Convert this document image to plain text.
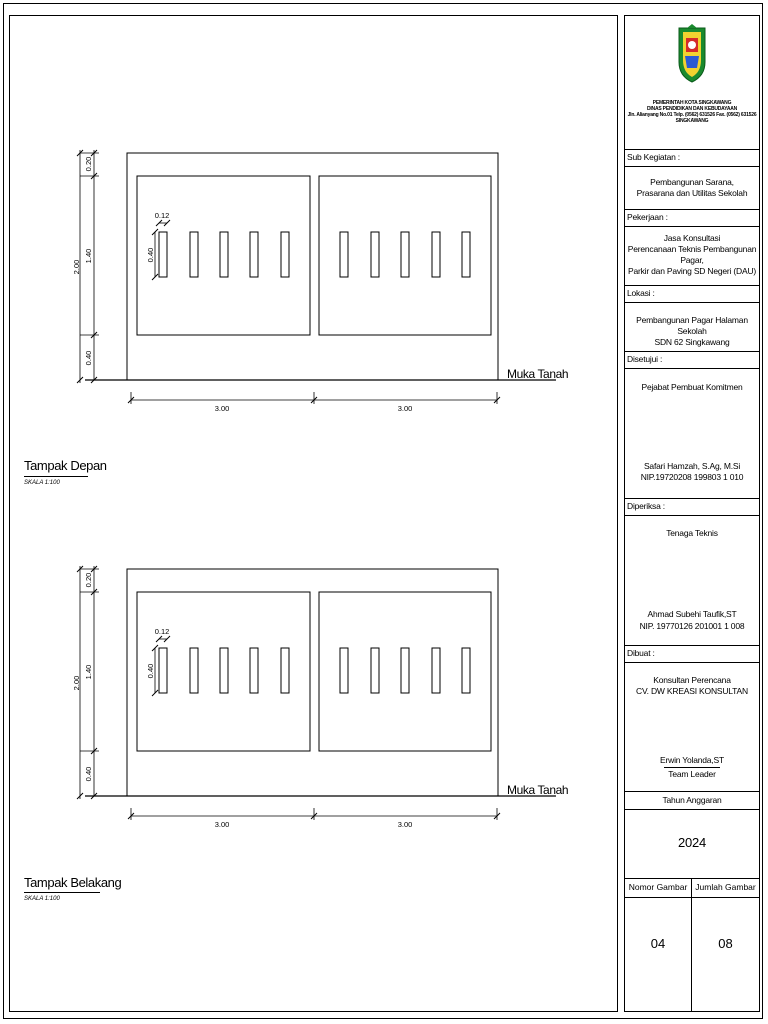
Muka Tanah
2.00
0.20
1.40
0.40
0.12
0.40
3.00	3.00
Muka Tanah
2.00
0.20
1.40
0.40
0.12
0.40
3.00	3.00
Tampak Depan
SKALA 1:100
Tampak Belakang
SKALA 1:100
PEMERINTAH KOTA SINGKAWANG
DINAS PENDIDIKAN DAN KEBUDAYAAN
Jln. Alianyang No.01 Telp. (0562) 631526 Fax. (0562) 631526
SINGKAWANG
Sub Kegiatan :
Pembangunan Sarana,
Prasarana dan Utilitas Sekolah
Pekerjaan :
Jasa Konsultasi
Perencanaan Teknis Pembangunan Pagar,
Parkir dan Paving SD Negeri (DAU)
Lokasi :
Pembangunan Pagar Halaman Sekolah
SDN 62 Singkawang
Disetujui :
Pejabat Pembuat Komitmen
Safari Hamzah, S.Ag, M.Si
NIP.19720208 199803 1 010
Diperiksa :
Tenaga Teknis
Ahmad Subehi Taufik,ST
NIP. 19770126 201001 1 008
Dibuat :
Konsultan Perencana
CV. DW KREASI KONSULTAN
Erwin Yolanda,ST
Team Leader
Tahun Anggaran
2024
Nomor Gambar Jumlah Gambar
04	08
